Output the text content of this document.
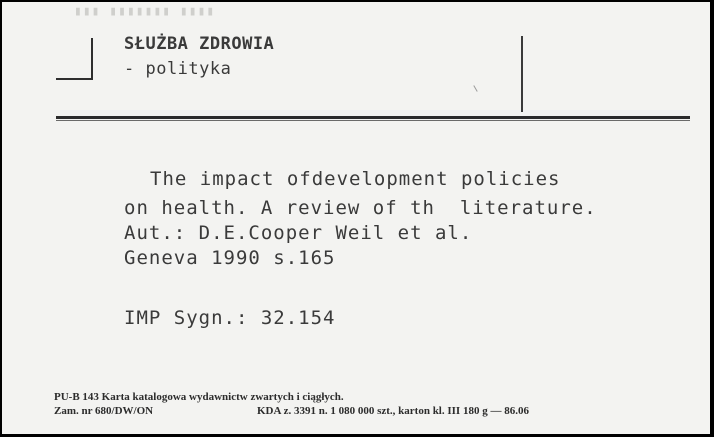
▮▮▮ ▮▮▮▮▮▮▮ ▮▮▮▮
SŁUŻBA ZDROWIA
- polityka
The impact ofdevelopment policies
on health. A review of th  literature.
Aut.: D.E.Cooper Weil et al.
Geneva 1990 s.165
IMP Sygn.: 32.154
PU-B 143 Karta katalogowa wydawnictw zwartych i ciągłych.
Zam. nr 680/DW/ON	KDA z. 3391 n. 1 080 000 szt., karton kl. III 180 g — 86.06
